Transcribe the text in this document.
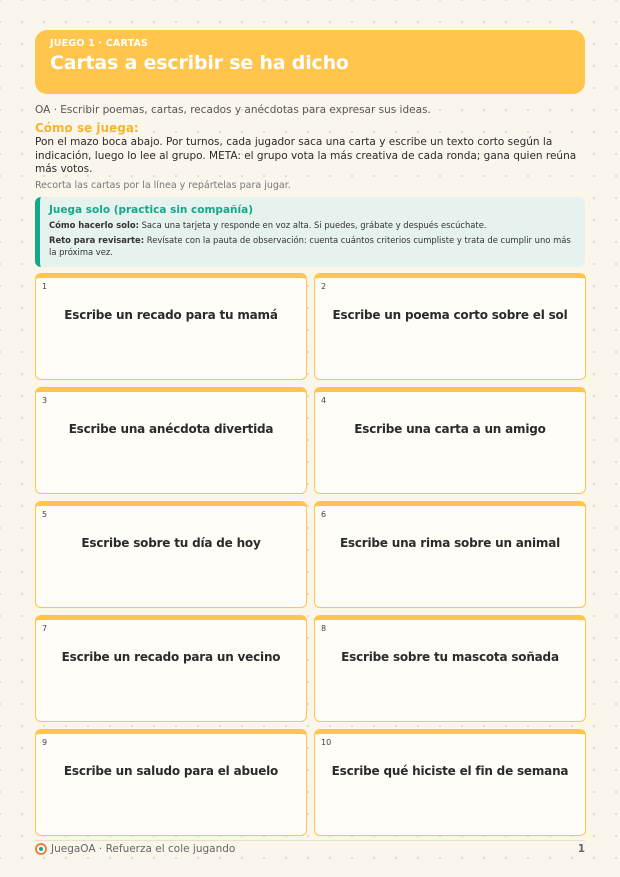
JUEGO 1 · CARTAS
Cartas a escribir se ha dicho
OA · Escribir poemas, cartas, recados y anécdotas para expresar sus ideas.
Cómo se juega:
Pon el mazo boca abajo. Por turnos, cada jugador saca una carta y escribe un texto corto según la indicación, luego lo lee al grupo. META: el grupo vota la más creativa de cada ronda; gana quien reúna más votos.
Recorta las cartas por la línea y repártelas para jugar.
Juega solo (practica sin compañía)
Cómo hacerlo solo: Saca una tarjeta y responde en voz alta. Si puedes, grábate y después escúchate.
Reto para revisarte: Revísate con la pauta de observación: cuenta cuántos criterios cumpliste y trata de cumplir uno más la próxima vez.
1
Escribe un recado para tu mamá
2
Escribe un poema corto sobre el sol
3
Escribe una anécdota divertida
4
Escribe una carta a un amigo
5
Escribe sobre tu día de hoy
6
Escribe una rima sobre un animal
7
Escribe un recado para un vecino
8
Escribe sobre tu mascota soñada
9
Escribe un saludo para el abuelo
10
Escribe qué hiciste el fin de semana
JuegaOA · Refuerza el cole jugando	1
